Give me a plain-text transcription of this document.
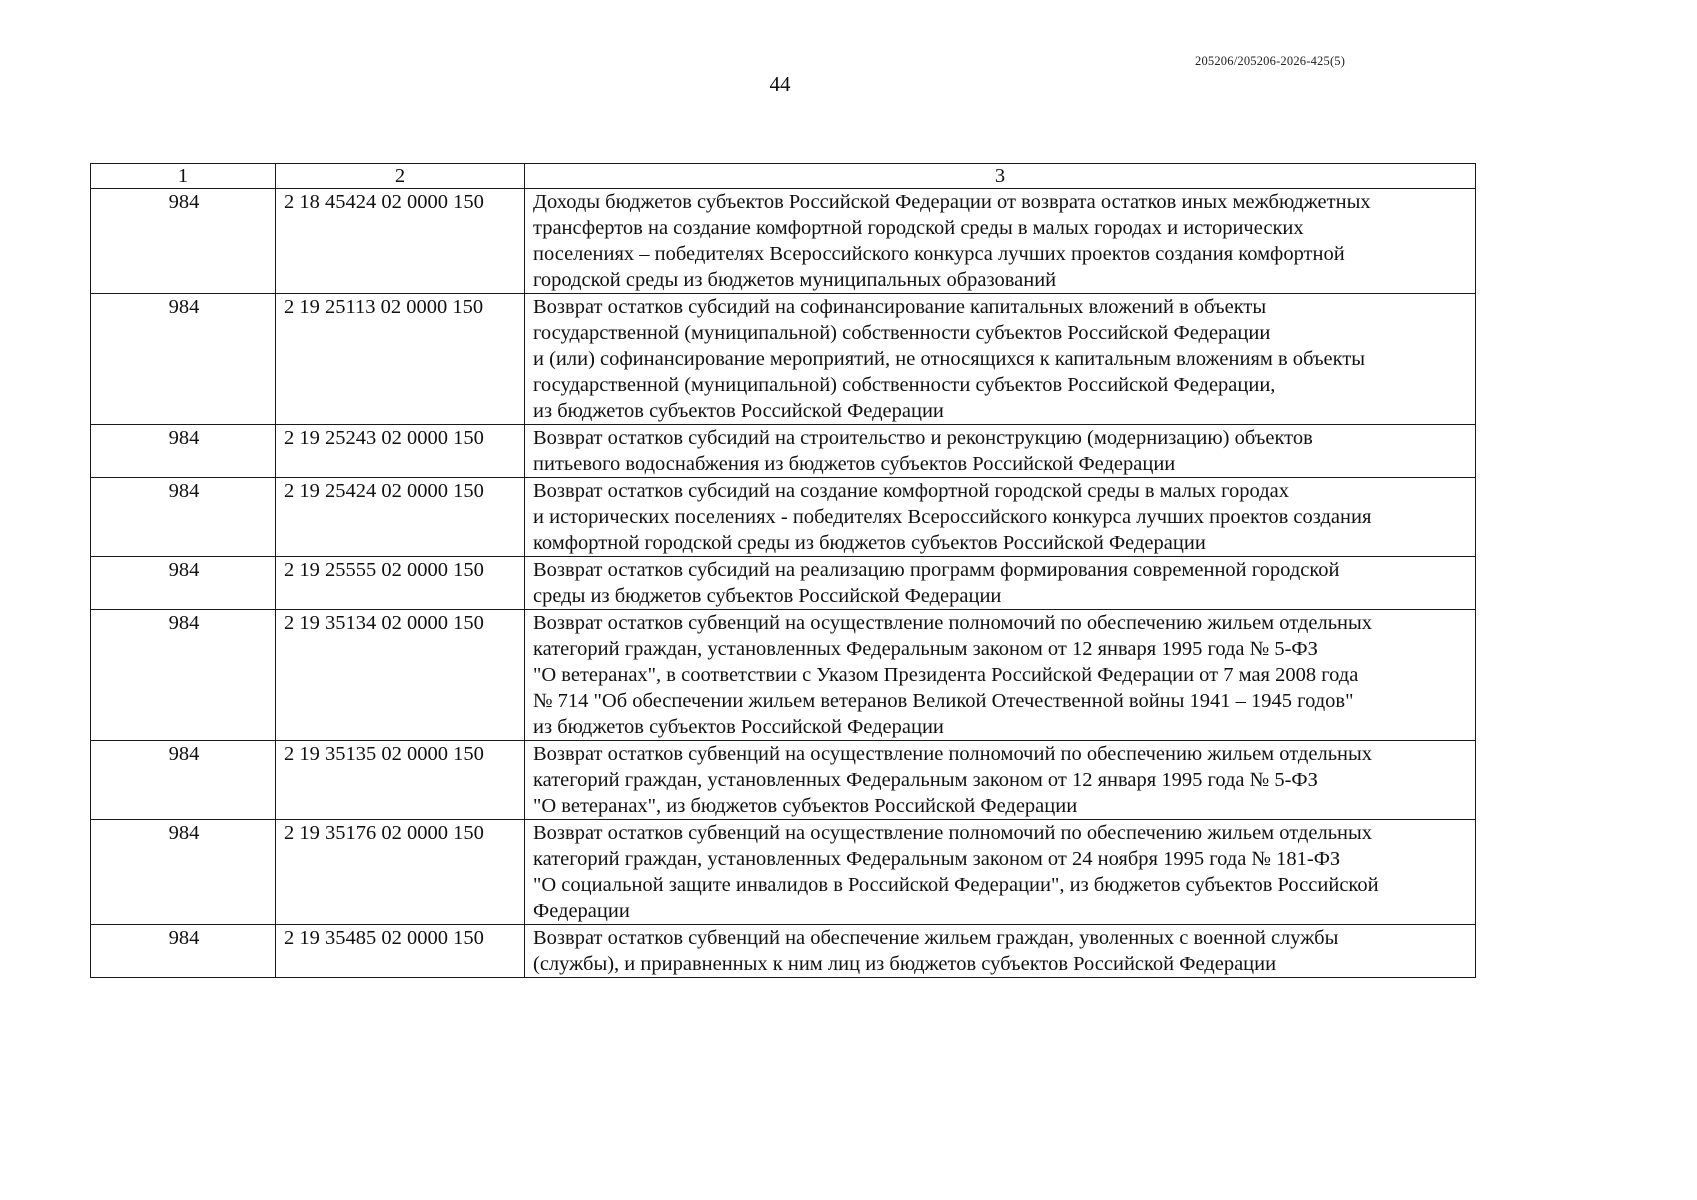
205206/205206-2026-425(5)
44
1	2	3
984	2 18 45424 02 0000 150	Доходы бюджетов субъектов Российской Федерации от возврата остатков иных межбюджетных
трансфертов на создание комфортной городской среды в малых городах и исторических
поселениях – победителях Всероссийского конкурса лучших проектов создания комфортной
городской среды из бюджетов муниципальных образований

984	2 19 25113 02 0000 150	Возврат остатков субсидий на софинансирование капитальных вложений в объекты
государственной (муниципальной) собственности субъектов Российской Федерации
и (или) софинансирование мероприятий, не относящихся к капитальным вложениям в объекты
государственной (муниципальной) собственности субъектов Российской Федерации,
из бюджетов субъектов Российской Федерации

984	2 19 25243 02 0000 150	Возврат остатков субсидий на строительство и реконструкцию (модернизацию) объектов
питьевого водоснабжения из бюджетов субъектов Российской Федерации

984	2 19 25424 02 0000 150	Возврат остатков субсидий на создание комфортной городской среды в малых городах
и исторических поселениях - победителях Всероссийского конкурса лучших проектов создания
комфортной городской среды из бюджетов субъектов Российской Федерации

984	2 19 25555 02 0000 150	Возврат остатков субсидий на реализацию программ формирования современной городской
среды из бюджетов субъектов Российской Федерации

984	2 19 35134 02 0000 150	Возврат остатков субвенций на осуществление полномочий по обеспечению жильем отдельных
категорий граждан, установленных Федеральным законом от 12 января 1995 года № 5-ФЗ
"О ветеранах", в соответствии с Указом Президента Российской Федерации от 7 мая 2008 года
№ 714 "Об обеспечении жильем ветеранов Великой Отечественной войны 1941 – 1945 годов"
из бюджетов субъектов Российской Федерации

984	2 19 35135 02 0000 150	Возврат остатков субвенций на осуществление полномочий по обеспечению жильем отдельных
категорий граждан, установленных Федеральным законом от 12 января 1995 года № 5-ФЗ
"О ветеранах", из бюджетов субъектов Российской Федерации

984	2 19 35176 02 0000 150	Возврат остатков субвенций на осуществление полномочий по обеспечению жильем отдельных
категорий граждан, установленных Федеральным законом от 24 ноября 1995 года № 181-ФЗ
"О социальной защите инвалидов в Российской Федерации", из бюджетов субъектов Российской
Федерации

984	2 19 35485 02 0000 150	Возврат остатков субвенций на обеспечение жильем граждан, уволенных с военной службы
(службы), и приравненных к ним лиц из бюджетов субъектов Российской Федерации
